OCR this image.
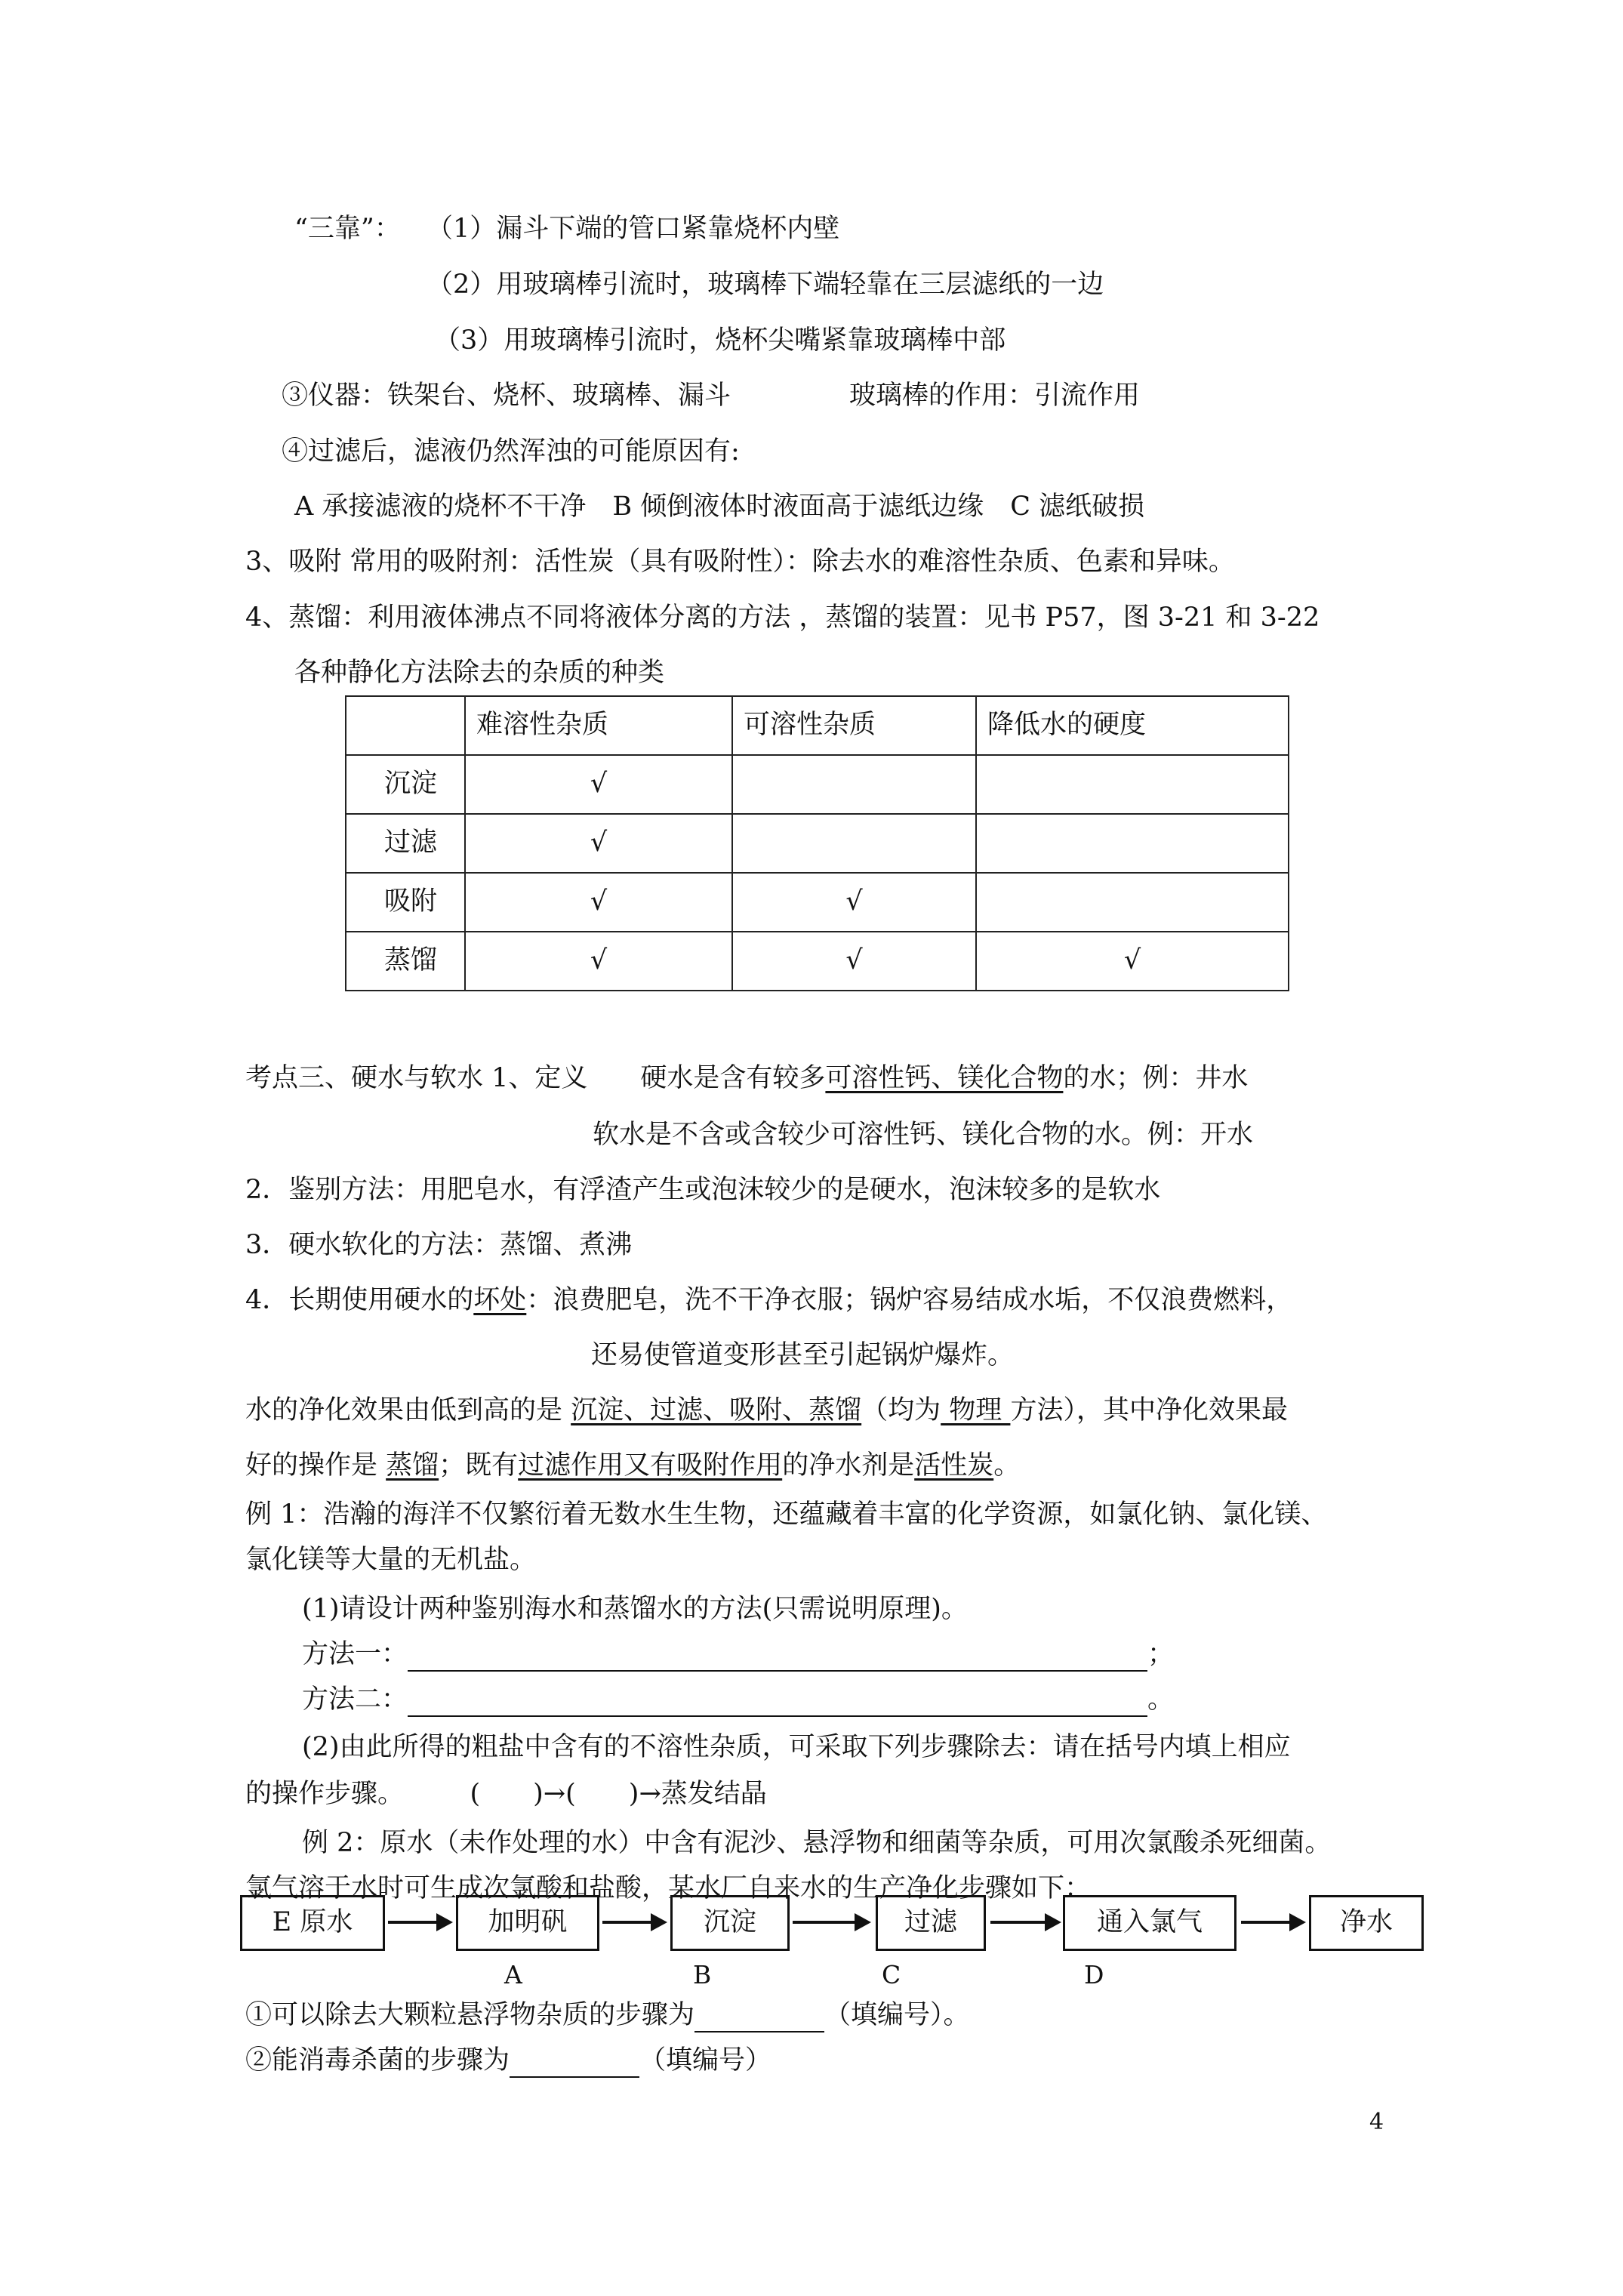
“三靠”： （1）漏斗下端的管口紧靠烧杯内壁
（2）用玻璃棒引流时，玻璃棒下端轻靠在三层滤纸的一边
（3）用玻璃棒引流时，烧杯尖嘴紧靠玻璃棒中部
③仪器：铁架台、烧杯、玻璃棒、漏斗	玻璃棒的作用：引流作用
④过滤后，滤液仍然浑浊的可能原因有:
A 承接滤液的烧杯不干净　B 倾倒液体时液面高于滤纸边缘　C 滤纸破损
3、吸附 常用的吸附剂：活性炭（具有吸附性）：除去水的难溶性杂质、色素和异味。
4、蒸馏：利用液体沸点不同将液体分离的方法 ，蒸馏的装置：见书 P57，图 3-21 和 3-22
各种静化方法除去的杂质的种类
	难溶性杂质	可溶性杂质	降低水的硬度
沉淀	√		
过滤	√		
吸附	√	√	
蒸馏	√	√	√
考点三、硬水与软水 1、定义　　硬水是含有较多可溶性钙、镁化合物的水；例：井水
软水是不含或含较少可溶性钙、镁化合物的水。例：开水
2．鉴别方法：用肥皂水，有浮渣产生或泡沫较少的是硬水，泡沫较多的是软水
3．硬水软化的方法：蒸馏、煮沸
4．长期使用硬水的坏处：浪费肥皂，洗不干净衣服；锅炉容易结成水垢，不仅浪费燃料，
还易使管道变形甚至引起锅炉爆炸。
水的净化效果由低到高的是 沉淀、过滤、吸附、蒸馏（均为 物理 方法），其中净化效果最
好的操作是 蒸馏；既有过滤作用又有吸附作用的净水剂是活性炭。
例 1：浩瀚的海洋不仅繁衍着无数水生生物，还蕴藏着丰富的化学资源，如氯化钠、氯化镁、
氯化镁等大量的无机盐。
(1)请设计两种鉴别海水和蒸馏水的方法(只需说明原理)。
方法一：	；
方法二：	。
(2)由此所得的粗盐中含有的不溶性杂质，可采取下列步骤除去：请在括号内填上相应
的操作步骤。　　　(　　)→(　　)→蒸发结晶
例 2：原水（未作处理的水）中含有泥沙、悬浮物和细菌等杂质，可用次氯酸杀死细菌。
氯气溶于水时可生成次氯酸和盐酸，某水厂自来水的生产净化步骤如下：
E 原水	加明矾	沉淀	过滤	通入氯气	净水
A	B	C	D
①可以除去大颗粒悬浮物杂质的步骤为	（填编号）。
②能消毒杀菌的步骤为	（填编号）
4
